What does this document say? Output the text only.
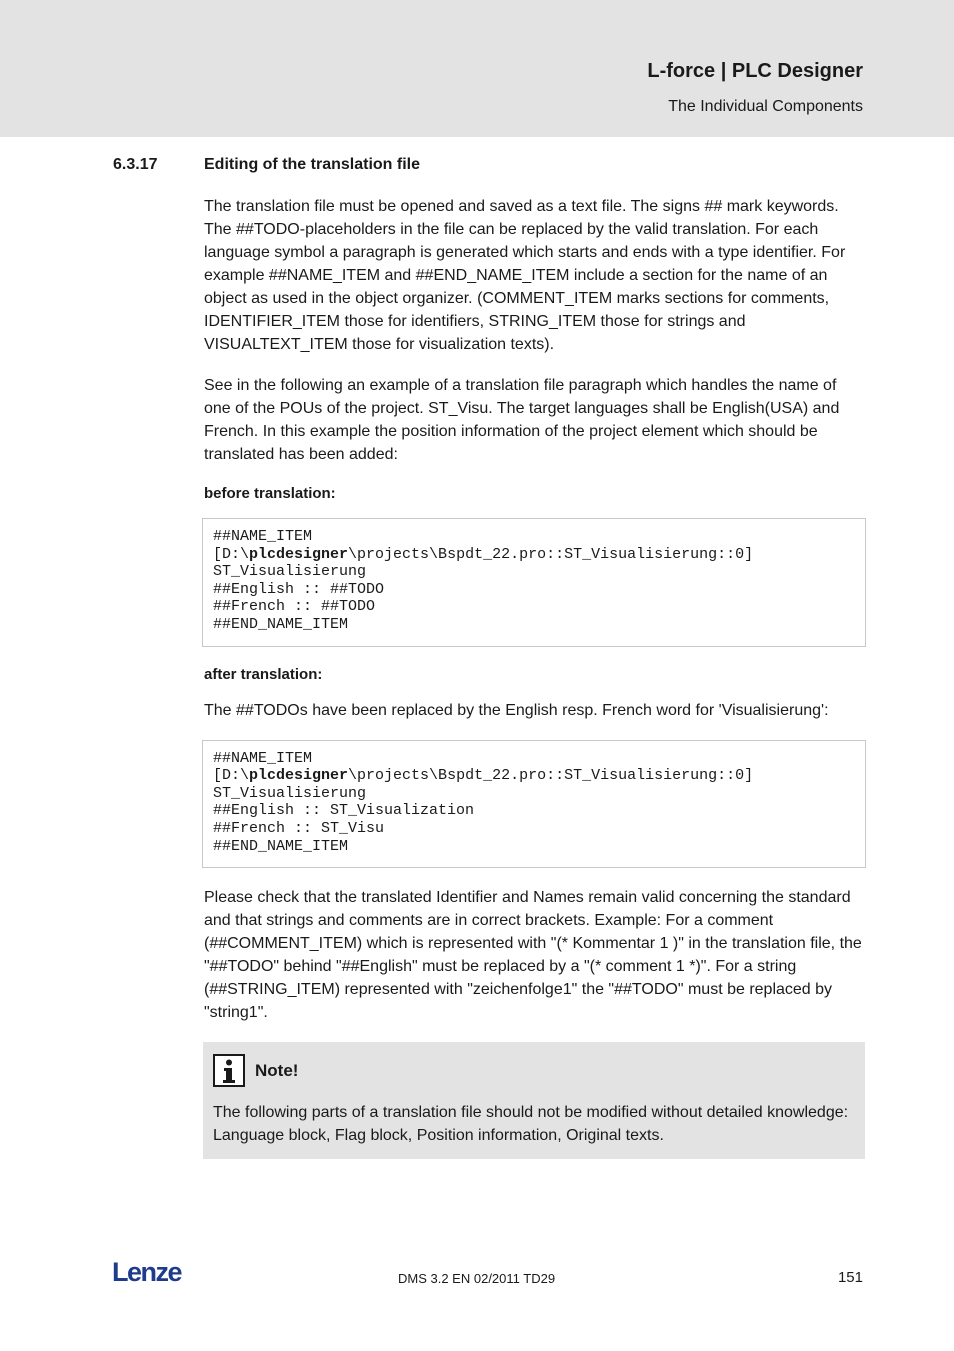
L-force | PLC Designer
The Individual Components
6.3.17	Editing of the translation file

The translation file must be opened and saved as a text file. The signs ## mark keywords. The ##TODO-placeholders in the file can be replaced by the valid translation. For each language symbol a paragraph is generated which starts and ends with a type identifier. For example ##NAME_ITEM and ##END_NAME_ITEM include a section for the name of an object as used in the object organizer. (COMMENT_ITEM marks sections for comments, IDENTIFIER_ITEM those for identifiers, STRING_ITEM those for strings and VISUALTEXT_ITEM those for visualization texts).

See in the following an example of a translation file paragraph which handles the name of one of the POUs of the project. ST_Visu. The target languages shall be English(USA) and French. In this example the position information of the project element which should be translated has been added:

before translation:
##NAME_ITEM
[D:\plcdesigner\projects\Bspdt_22.pro::ST_Visualisierung::0]
ST_Visualisierung
##English :: ##TODO
##French :: ##TODO
##END_NAME_ITEM
after translation:

The ##TODOs have been replaced by the English resp. French word for 'Visualisierung':

##NAME_ITEM
[D:\plcdesigner\projects\Bspdt_22.pro::ST_Visualisierung::0]
ST_Visualisierung
##English :: ST_Visualization
##French :: ST_Visu
##END_NAME_ITEM

Please check that the translated Identifier and Names remain valid concerning the standard and that strings and comments are in correct brackets. Example: For a comment (##COMMENT_ITEM) which is represented with "(* Kommentar 1 )" in the translation file, the "##TODO" behind "##English" must be replaced by a "(* comment 1 *)". For a string (##STRING_ITEM) represented with "zeichenfolge1" the "##TODO" must be replaced by "string1".

Note!

The following parts of a translation file should not be modified without detailed knowledge: Language block, Flag block, Position information, Original texts.

Lenze	DMS 3.2 EN 02/2011 TD29	151
